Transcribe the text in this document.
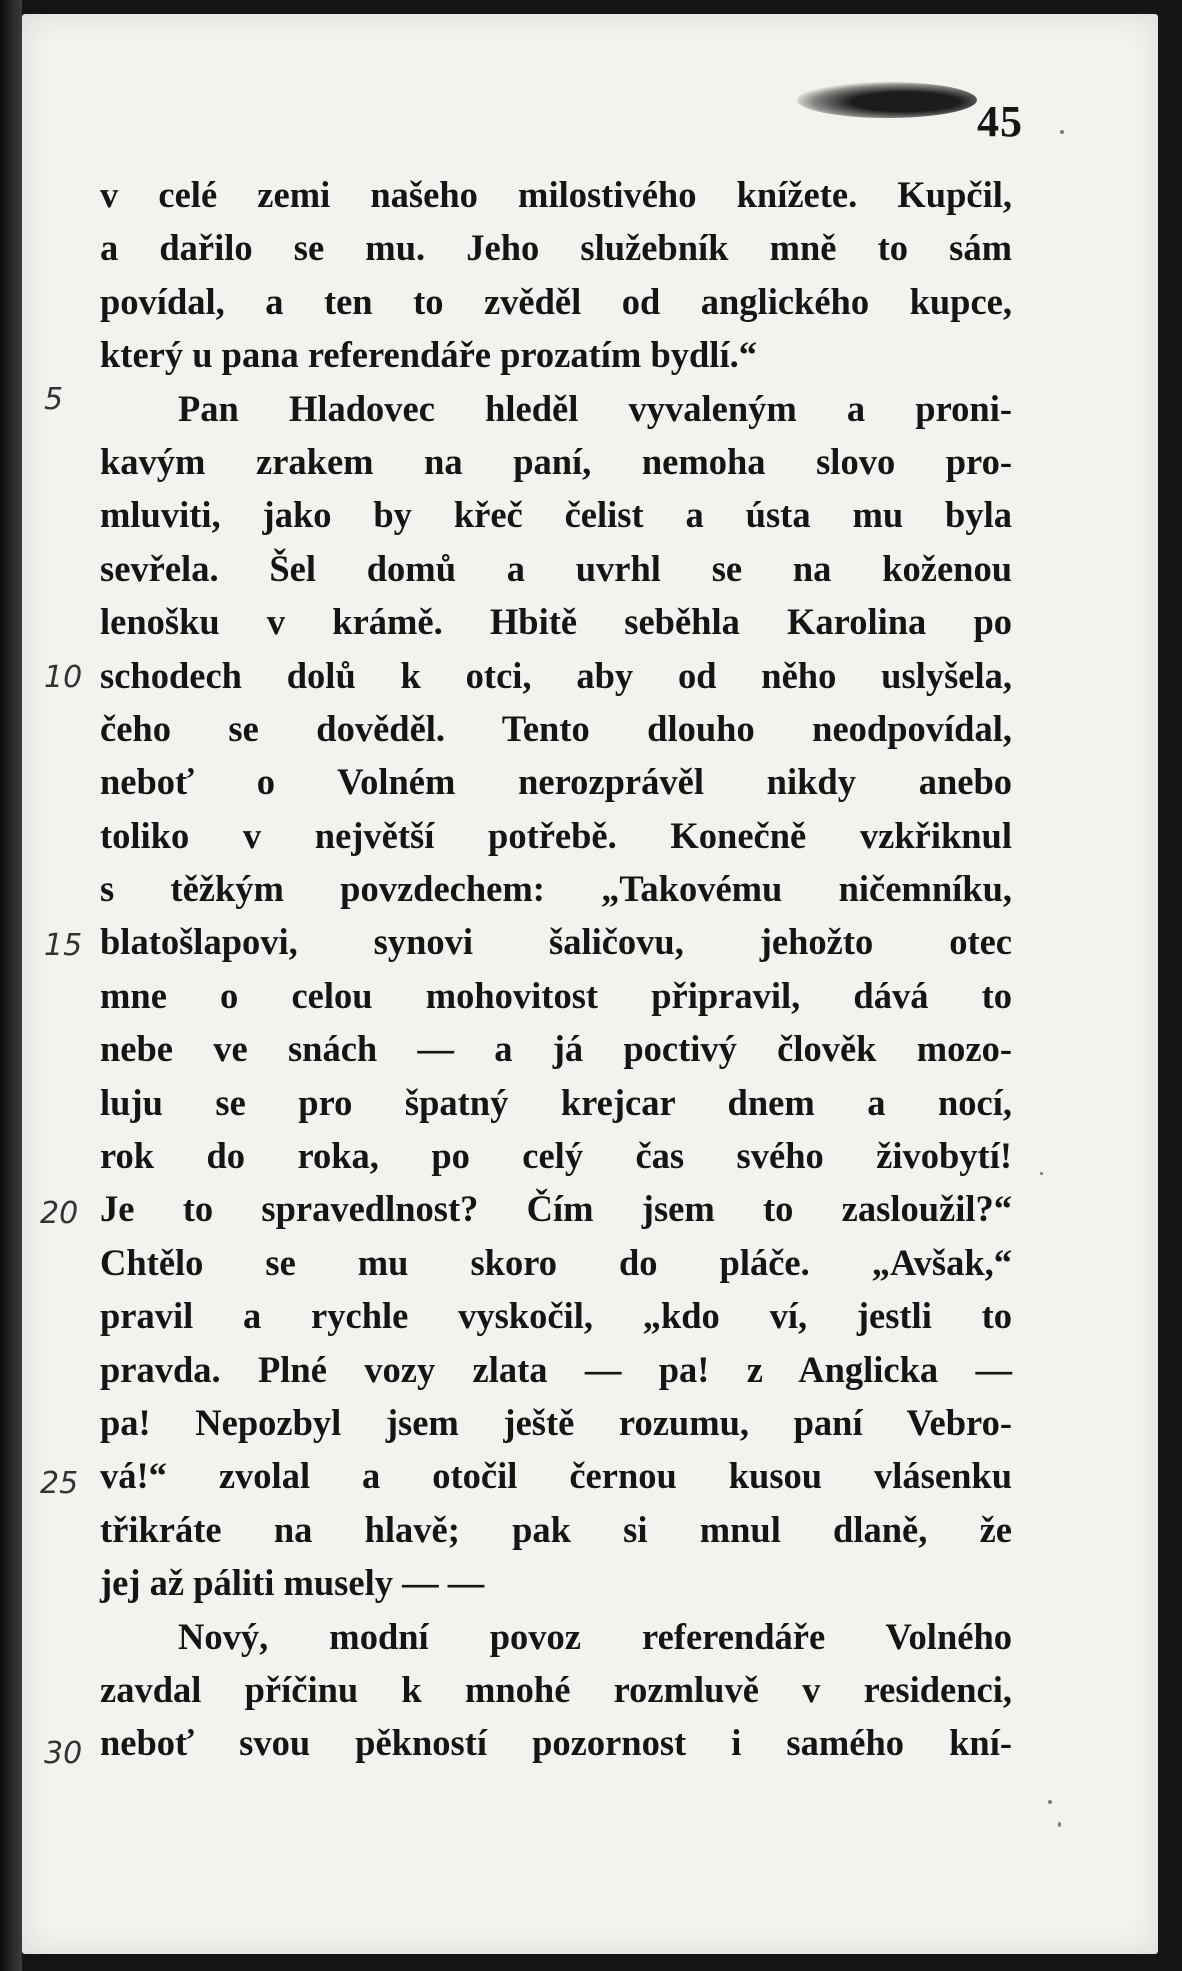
45
v celé zemi našeho milostivého knížete. Kupčil,
a dařilo se mu. Jeho služebník mně to sám
povídal, a ten to zvěděl od anglického kupce,
který u pana referendáře prozatím bydlí.“
Pan Hladovec hleděl vyvaleným a proni-
kavým zrakem na paní, nemoha slovo pro-
mluviti, jako by křeč čelist a ústa mu byla
sevřela. Šel domů a uvrhl se na koženou
lenošku v krámě. Hbitě seběhla Karolina po
schodech dolů k otci, aby od něho uslyšela,
čeho se dověděl. Tento dlouho neodpovídal,
neboť o Volném nerozprávěl nikdy anebo
toliko v největší potřebě. Konečně vzkřiknul
s těžkým povzdechem: „Takovému ničemníku,
blatošlapovi, synovi šaličovu, jehožto otec
mne o celou mohovitost připravil, dává to
nebe ve snách — a já poctivý člověk mozo-
luju se pro špatný krejcar dnem a nocí,
rok do roka, po celý čas svého živobytí!
Je to spravedlnost? Čím jsem to zasloužil?“
Chtělo se mu skoro do pláče. „Avšak,“
pravil a rychle vyskočil, „kdo ví, jestli to
pravda. Plné vozy zlata — pa! z Anglicka —
pa! Nepozbyl jsem ještě rozumu, paní Vebro-
vá!“ zvolal a otočil černou kusou vlásenku
třikráte na hlavě; pak si mnul dlaně, že
jej až páliti musely — —
Nový, modní povoz referendáře Volného
zavdal příčinu k mnohé rozmluvě v residenci,
neboť svou pěkností pozornost i samého kní-
5
10
15
20
25
30
